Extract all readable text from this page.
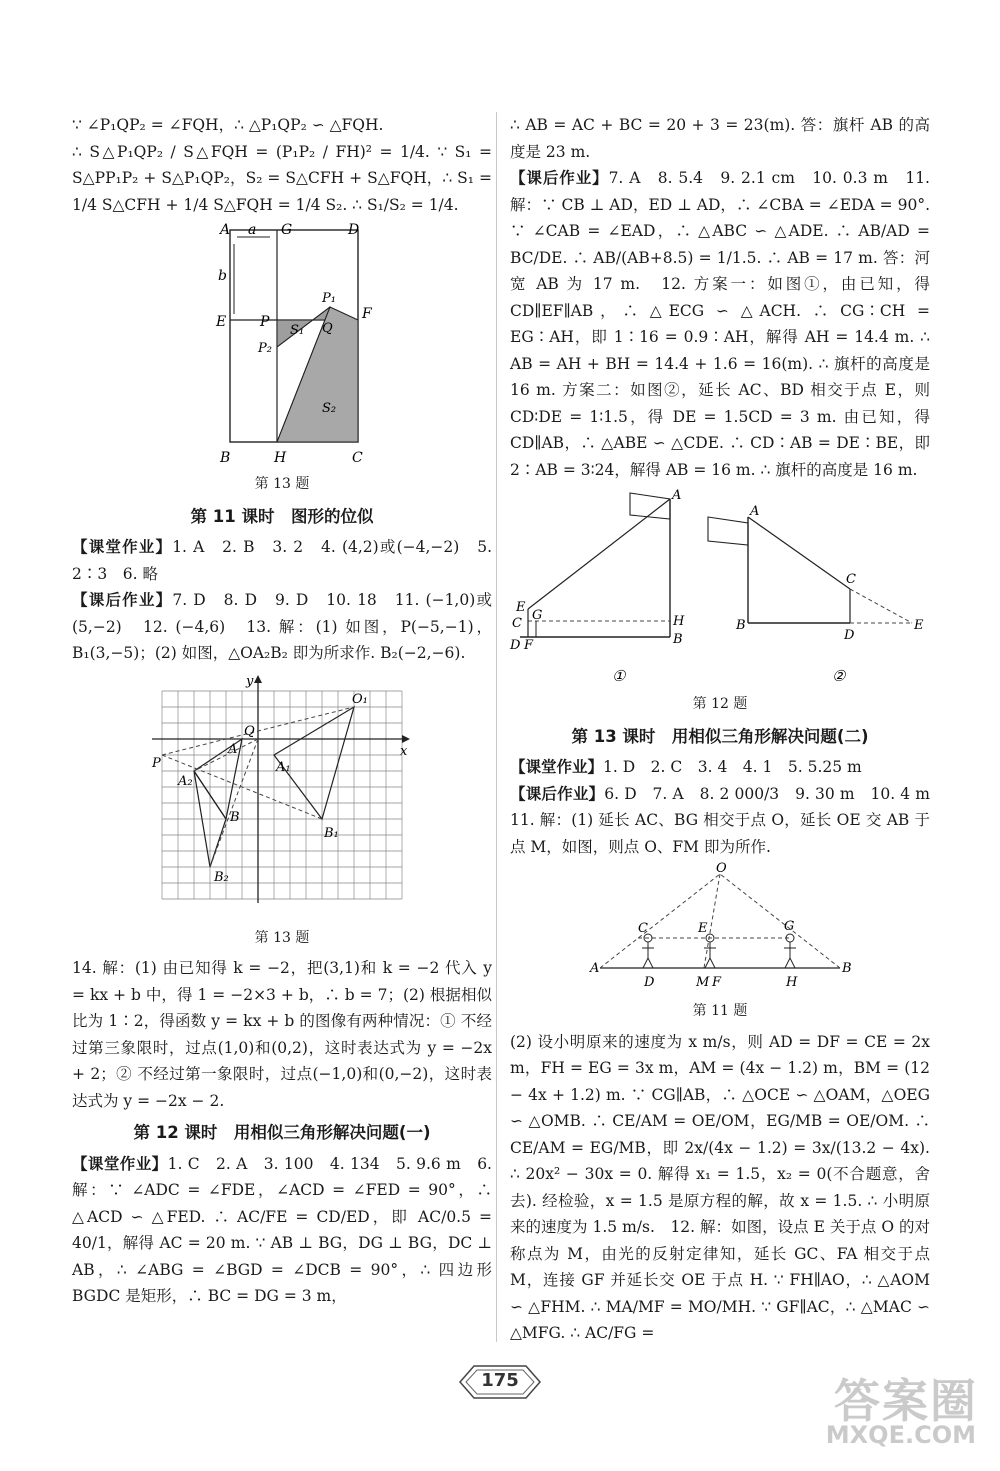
∵ ∠P₁QP₂ = ∠FQH，∴ △P₁QP₂ ∽ △FQH.

∴ S△P₁QP₂ / S△FQH = (P₁P₂ / FH)² = 1/4. ∵ S₁ = S△PP₁P₂ + S△P₁QP₂，S₂ = S△CFH + S△FQH，∴ S₁ = 1/4 S△CFH + 1/4 S△FQH = 1/4 S₂. ∴ S₁/S₂ = 1/4.

A a G	D
b
E P
P₁
F
S₁ Q
P₂
S₂
B	H	C
第 13 题
第 11 课时　图形的位似

【课堂作业】1. A　2. B　3. 2　4. (4,2)或(−4,−2)　5. 2∶3　6. 略

【课后作业】7. D　8. D　9. D　10. 18　11. (−1,0)或(5,−2)　12. (−4,6)　13. 解：(1) 如图，P(−5,−1)，B₁(3,−5)；(2) 如图，△OA₂B₂ 即为所求作. B₂(−2,−6).

y
x
O₁
Q
A
P	A₁
A₂
B
B₁
B₂
第 13 题

14. 解：(1) 由已知得 k = −2，把(3,1)和 k = −2 代入 y = kx + b 中，得 1 = −2×3 + b，∴ b = 7；(2) 根据相似比为 1∶2，得函数 y = kx + b 的图像有两种情况：① 不经过第三象限时，过点(1,0)和(0,2)，这时表达式为 y = −2x + 2；② 不经过第一象限时，过点(−1,0)和(0,−2)，这时表达式为 y = −2x − 2.

第 12 课时　用相似三角形解决问题(一)

【课堂作业】1. C　2. A　3. 100　4. 134　5. 9.6 m　6. 解：∵ ∠ADC = ∠FDE，∠ACD = ∠FED = 90°，∴ △ACD ∽ △FED. ∴ AC/FE = CD/ED，即 AC/0.5 = 40/1，解得 AC = 20 m. ∵ AB ⊥ BG，DG ⊥ BG，DC ⊥ AB，∴ ∠ABG = ∠BGD = ∠DCB = 90°，∴ 四边形 BGDC 是矩形，∴ BC = DG = 3 m，

∴ AB = AC + BC = 20 + 3 = 23(m). 答：旗杆 AB 的高度是 23 m.

【课后作业】7. A　8. 5.4　9. 2.1 cm　10. 0.3 m　11. 解：∵ CB ⊥ AD，ED ⊥ AD，∴ ∠CBA = ∠EDA = 90°. ∵ ∠CAB = ∠EAD，∴ △ABC ∽ △ADE. ∴ AB/AD = BC/DE. ∴ AB/(AB+8.5) = 1/1.5. ∴ AB = 17 m. 答：河宽 AB 为 17 m.　12. 方案一：如图①，由已知，得 CD∥EF∥AB，∴ △ECG ∽ △ACH. ∴ CG∶CH = EG∶AH，即 1∶16 = 0.9∶AH，解得 AH = 14.4 m. ∴ AB = AH + BH = 14.4 + 1.6 = 16(m). ∴ 旗杆的高度是 16 m. 方案二：如图②，延长 AC、BD 相交于点 E，则 CD∶DE = 1∶1.5，得 DE = 1.5CD = 3 m. 由已知，得 CD∥AB，∴ △ABE ∽ △CDE. ∴ CD∶AB = DE∶BE，即 2∶AB = 3∶24，解得 AB = 16 m. ∴ 旗杆的高度是 16 m.

A
E
C
G
D F
H
B
A
C
B
D
E
①	②
第 12 题
第 13 课时　用相似三角形解决问题(二)

【课堂作业】1. D　2. C　3. 4　4. 1　5. 5.25 m

【课后作业】6. D　7. A　8. 2 000/3　9. 30 m　10. 4 m　11. 解：(1) 延长 AC、BG 相交于点 O，延长 OE 交 AB 于点 M，如图，则点 O、FM 即为所作.

O
C	E	G
A	B
D	M F	H
第 11 题

(2) 设小明原来的速度为 x m/s，则 AD = DF = CE = 2x m，FH = EG = 3x m，AM = (4x − 1.2) m，BM = (12 − 4x + 1.2) m. ∵ CG∥AB，∴ △OCE ∽ △OAM，△OEG ∽ △OMB. ∴ CE/AM = OE/OM，EG/MB = OE/OM. ∴ CE/AM = EG/MB，即 2x/(4x − 1.2) = 3x/(13.2 − 4x). ∴ 20x² − 30x = 0. 解得 x₁ = 1.5，x₂ = 0(不合题意，舍去). 经检验，x = 1.5 是原方程的解，故 x = 1.5. ∴ 小明原来的速度为 1.5 m/s.　12. 解：如图，设点 E 关于点 O 的对称点为 M，由光的反射定律知，延长 GC、FA 相交于点 M，连接 GF 并延长交 OE 于点 H. ∵ FH∥AO，∴ △AOM ∽ △FHM. ∴ MA/MF = MO/MH. ∵ GF∥AC，∴ △MAC ∽ △MFG. ∴ AC/FG =

175	答案圈
MXQE.COM
